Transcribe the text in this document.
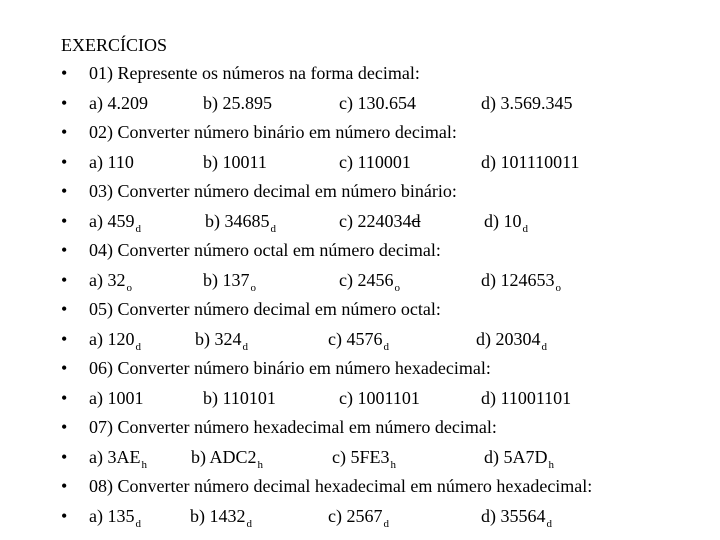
EXERCÍCIOS
• 01) Represente os números na forma decimal:
• a) 4.209	b) 25.895	c) 130.654	d) 3.569.345
• 02) Converter número binário em número decimal:
• a) 110	b) 10011	c) 110001	d) 101110011
• 03) Converter número decimal em número binário:
• a) $459_d$	b) $34685_d$	c) 224034d	d) $10_d$
• 04) Converter número octal em número decimal:
• a) $32_o$	b) $137_o$	c) $2456_o$	d) $124653_o$
• 05) Converter número decimal em número octal:
• a) $120_d$	b) $324_d$	c) $4576_d$	d) $20304_d$
• 06) Converter número binário em número hexadecimal:
• a) 1001	b) 110101	c) 1001101	d) 11001101
• 07) Converter número hexadecimal em número decimal:
• a) $3AE_h$ b) $ADC2_h$	c) $5FE3_h$	d) $5A7D_h$
• 08) Converter número decimal hexadecimal em número hexadecimal:
• a) $135_d$	b) $1432_d$	c) $2567_d$	d) $35564_d$
